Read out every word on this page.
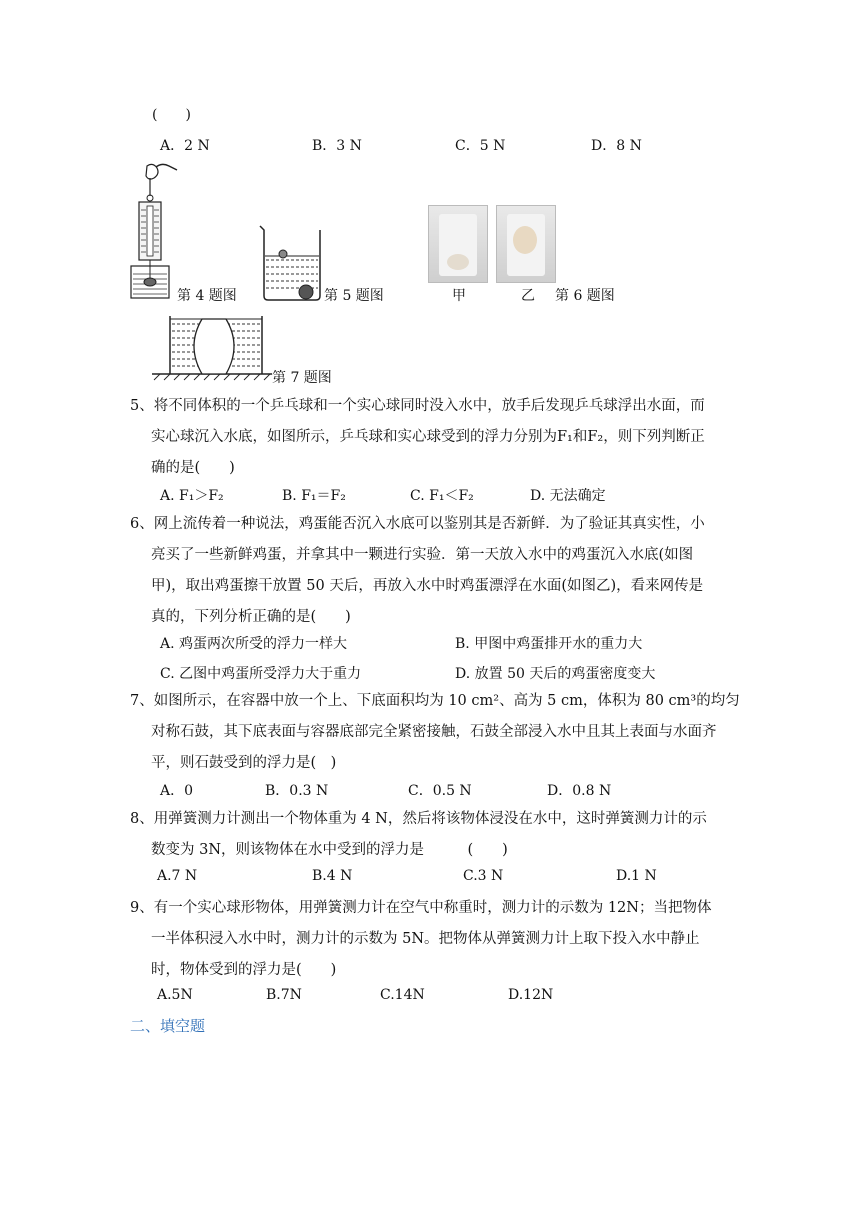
(　　)
A．2 N	B．3 N	C．5 N	D．8 N
第 4 题图	第 5 题图	甲	乙 第 6 题图
第 7 题图
5、将不同体积的一个乒乓球和一个实心球同时没入水中，放手后发现乒乓球浮出水面，而
实心球沉入水底，如图所示，乒乓球和实心球受到的浮力分别为F₁和F₂，则下列判断正
确的是(　　)
A. F₁＞F₂	B. F₁＝F₂	C. F₁＜F₂	D. 无法确定
6、网上流传着一种说法，鸡蛋能否沉入水底可以鉴别其是否新鲜．为了验证其真实性，小
亮买了一些新鲜鸡蛋，并拿其中一颗进行实验．第一天放入水中的鸡蛋沉入水底(如图
甲)，取出鸡蛋擦干放置 50 天后，再放入水中时鸡蛋漂浮在水面(如图乙)，看来网传是
真的，下列分析正确的是(　　)
A. 鸡蛋两次所受的浮力一样大	B. 甲图中鸡蛋排开水的重力大
C. 乙图中鸡蛋所受浮力大于重力	D. 放置 50 天后的鸡蛋密度变大
7、如图所示，在容器中放一个上、下底面积均为 10 cm²、高为 5 cm，体积为 80 cm³的均匀
对称石鼓，其下底表面与容器底部完全紧密接触，石鼓全部浸入水中且其上表面与水面齐
平，则石鼓受到的浮力是(　)
A．0	B．0.3 N	C．0.5 N	D．0.8 N
8、用弹簧测力计测出一个物体重为 4 N，然后将该物体浸没在水中，这时弹簧测力计的示
数变为 3N，则该物体在水中受到的浮力是　　　(　　)
A.7 N	B.4 N	C.3 N	D.1 N
9、有一个实心球形物体，用弹簧测力计在空气中称重时，测力计的示数为 12N；当把物体
一半体积浸入水中时，测力计的示数为 5N。把物体从弹簧测力计上取下投入水中静止
时，物体受到的浮力是(　　)
A.5N	B.7N	C.14N	D.12N
二、填空题
